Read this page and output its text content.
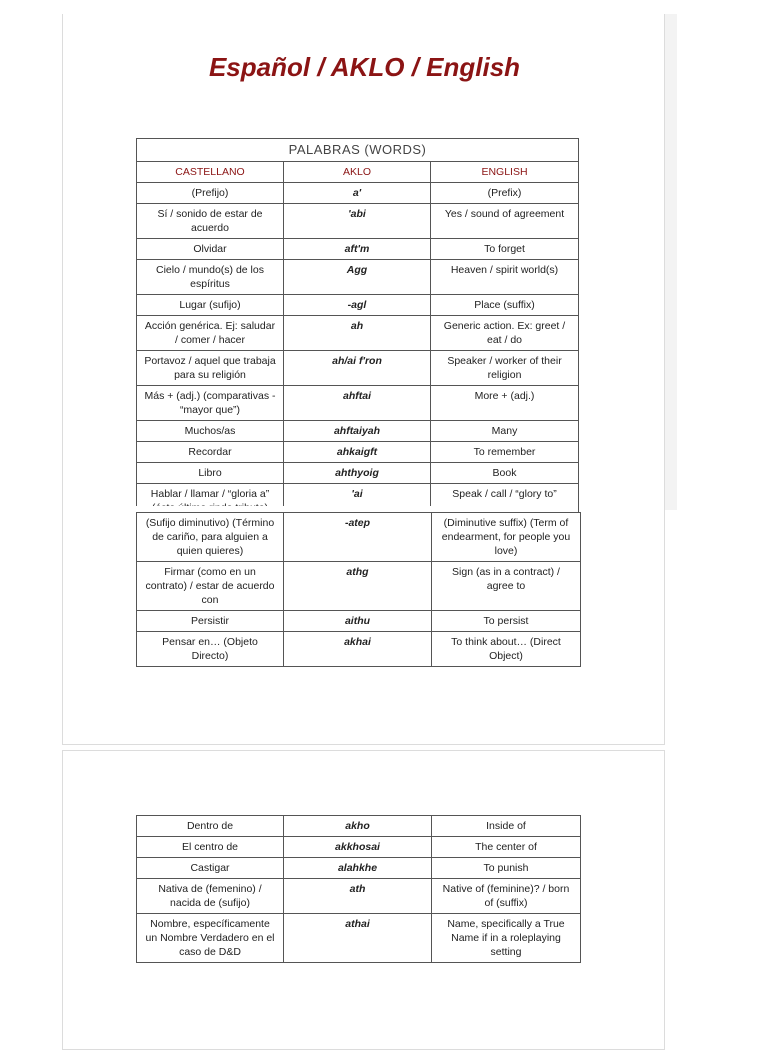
Español / AKLO / English
PALABRAS (WORDS)		
CASTELLANO	AKLO	ENGLISH
(Prefijo)	a'	(Prefix)
Sí / sonido de estar de acuerdo	'abi	Yes / sound of agreement
Olvidar	aft'm	To forget
Cielo / mundo(s) de los espíritus	Agg	Heaven / spirit world(s)
Lugar (sufijo)	-agl	Place (suffix)
Acción genérica. Ej: saludar / comer / hacer	ah	Generic action. Ex: greet / eat / do
Portavoz / aquel que trabaja para su religión	ah/ai f'ron	Speaker / worker of their religion
Más + (adj.) (comparativas - “mayor que”)	ahftai	More + (adj.)
Muchos/as	ahftaiyah	Many
Recordar	ahkaigft	To remember
Libro	ahthyoig	Book
Hablar / llamar / “gloria a”	'ai	Speak / call / “glory to”
(Sufijo diminutivo) (Término de cariño, para alguien a quien quieres)	-atep	(Diminutive suffix) (Term of endearment, for people you love)
Firmar (como en un contrato) / estar de acuerdo con	athg	Sign (as in a contract) / agree to
Persistir	aithu	To persist
Pensar en… (Objeto Directo)	akhai	To think about… (Direct Object)
Dentro de	akho	Inside of
El centro de	akkhosai	The center of
Castigar	alahkhe	To punish
Nativa de (femenino) / nacida de (sufijo)	ath	Native of (feminine)? / born of (suffix)
Nombre, específicamente un Nombre Verdadero en el caso de D&D	athai	Name, specifically a True Name if in a roleplaying setting
